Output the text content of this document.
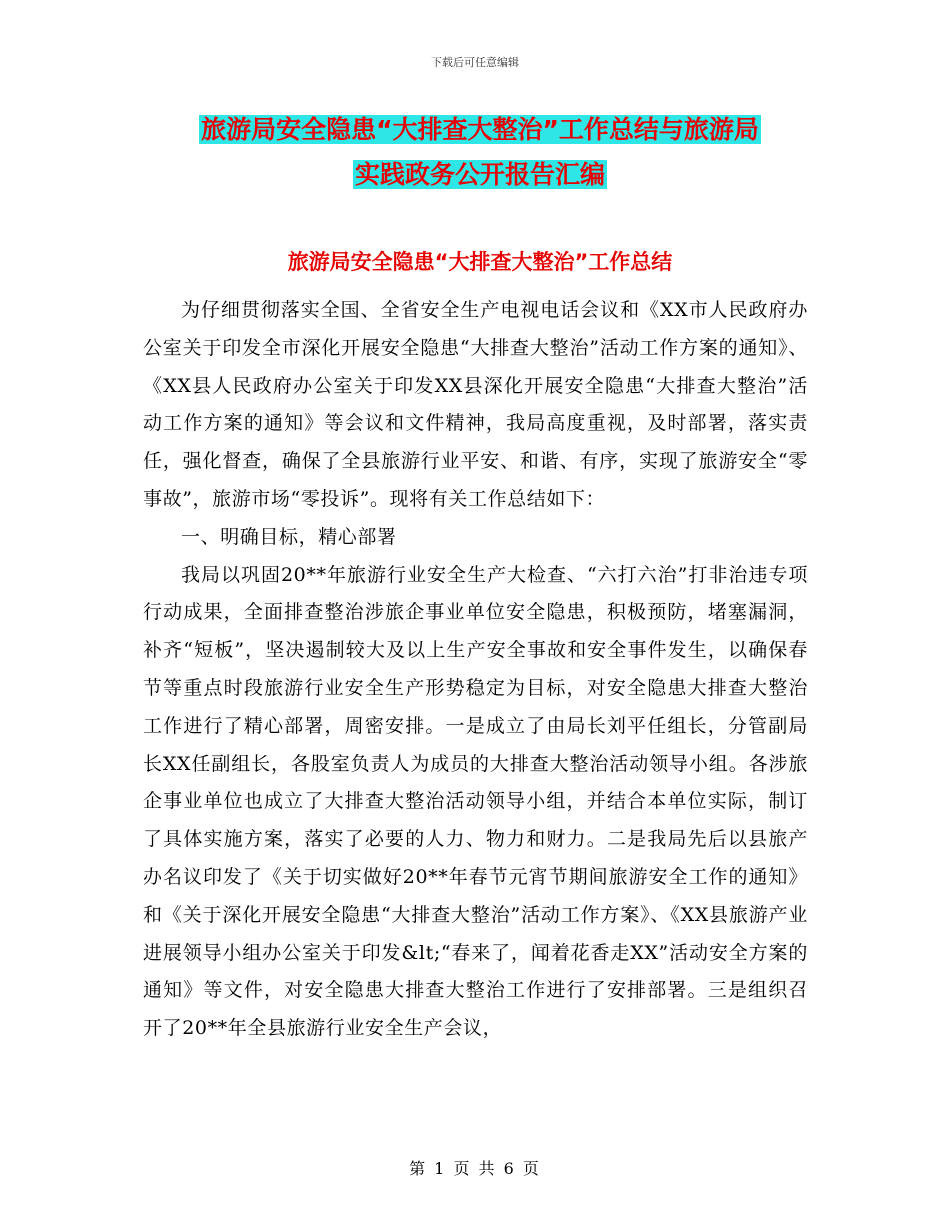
下载后可任意编辑
旅游局安全隐患“大排查大整治”工作总结与旅游局
实践政务公开报告汇编
旅游局安全隐患“大排查大整治”工作总结

为仔细贯彻落实全国、全省安全生产电视电话会议和《XX市人民政府办公室关于印发全市深化开展安全隐患“大排查大整治”活动工作方案的通知》、《XX县人民政府办公室关于印发XX县深化开展安全隐患“大排查大整治”活动工作方案的通知》等会议和文件精神，我局高度重视，及时部署，落实责任，强化督查，确保了全县旅游行业平安、和谐、有序，实现了旅游安全“零事故”，旅游市场“零投诉”。现将有关工作总结如下：

一、明确目标，精心部署

我局以巩固20**年旅游行业安全生产大检查、“六打六治”打非治违专项行动成果，全面排查整治涉旅企事业单位安全隐患，积极预防，堵塞漏洞，补齐“短板”，坚决遏制较大及以上生产安全事故和安全事件发生，以确保春节等重点时段旅游行业安全生产形势稳定为目标，对安全隐患大排查大整治工作进行了精心部署，周密安排。一是成立了由局长刘平任组长，分管副局长XX任副组长，各股室负责人为成员的大排查大整治活动领导小组。各涉旅企事业单位也成立了大排查大整治活动领导小组，并结合本单位实际，制订了具体实施方案，落实了必要的人力、物力和财力。二是我局先后以县旅产办名议印发了《关于切实做好20**年春节元宵节期间旅游安全工作的通知》和《关于深化开展安全隐患“大排查大整治”活动工作方案》、《XX县旅游产业进展领导小组办公室关于印发&lt;“春来了，闻着花香走XX”活动安全方案的通知》等文件，对安全隐患大排查大整治工作进行了安排部署。三是组织召开了20**年全县旅游行业安全生产会议，

第 1 页 共 6 页
